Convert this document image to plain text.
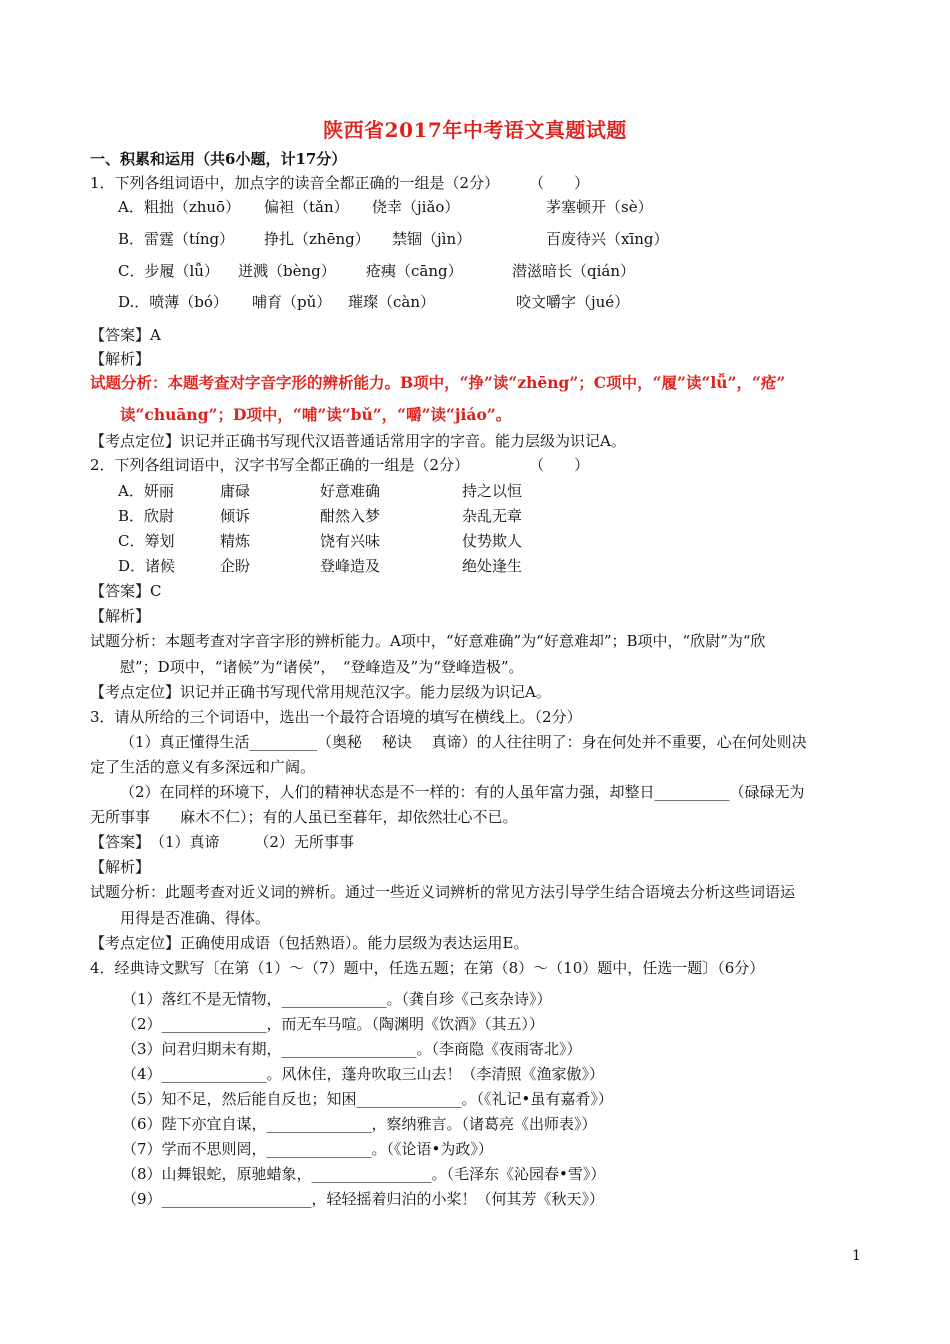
陕西省2017年中考语文真题试题
一、积累和运用（共6小题，计17分）
1．下列各组词语中，加点字的读音全都正确的一组是（2分）　　　（　　）
A．粗拙（zhuō） 偏袒（tǎn） 侥幸（jiǎo）	茅塞顿开（sè）
B．雷霆（tíng） 挣扎（zhēng） 禁锢（jìn）	百废待兴（xīng）
C．步履（lǚ） 迸溅（bèng） 疮痍（cāng）	潜滋暗长（qián）
D.．喷薄（bó） 哺育（pǔ） 璀璨（càn）	咬文嚼字（jué）
【答案】A
【解析】
试题分析：本题考查对字音字形的辨析能力。B项中，“挣”读“zhēng”；C项中，“履”读“lǚ”，“疮”
读“chuāng”；D项中，“哺”读“bǔ”，“嚼”读“jiáo”。
【考点定位】识记并正确书写现代汉语普通话常用字的字音。能力层级为识记A。
2．下列各组词语中，汉字书写全都正确的一组是（2分）　　　　　（　　）
A．妍丽	庸碌	好意难确	持之以恒
B．欣尉	倾诉	酣然入梦	杂乱无章
C．筹划	精炼	饶有兴味	仗势欺人
D．诸候	企盼	登峰造及	绝处逢生
【答案】C
【解析】
试题分析：本题考查对字音字形的辨析能力。A项中，“好意难确”为“好意难却”；B项中，“欣尉”为“欣
慰”；D项中，“诸候”为“诸侯”，　“登峰造及”为“登峰造极”。
【考点定位】识记并正确书写现代常用规范汉字。能力层级为识记A。
3．请从所给的三个词语中，选出一个最符合语境的填写在横线上。（2分）
（1）真正懂得生活_________（奥秘　 秘诀　 真谛）的人往往明了：身在何处并不重要，心在何处则决
定了生活的意义有多深远和广阔。
（2）在同样的环境下，人们的精神状态是不一样的：有的人虽年富力强，却整日__________（碌碌无为
无所事事　　麻木不仁）；有的人虽已至暮年，却依然壮心不已。
【答案】　（1）真谛　　 （2）无所事事
【解析】
试题分析：此题考查对近义词的辨析。通过一些近义词辨析的常见方法引导学生结合语境去分析这些词语运
用得是否准确、得体。
【考点定位】正确使用成语（包括熟语）。能力层级为表达运用E。
4．经典诗文默写〔在第（1）～（7）题中，任选五题；在第（8）～（10）题中，任选一题〕（6分）
（1）落红不是无情物，______________。（龚自珍《己亥杂诗》）
（2）______________，而无车马喧。（陶渊明《饮酒》（其五））
（3）问君归期未有期，__________________。（李商隐《夜雨寄北》）
（4）______________。风休住，蓬舟吹取三山去！（李清照《渔家傲》）
（5）知不足，然后能自反也；知困______________。（《礼记•虽有嘉肴》）
（6）陛下亦宜自谋，______________，察纳雅言。（诸葛亮《出师表》）
（7）学而不思则罔，______________。（《论语•为政》）
（8）山舞银蛇，原驰蜡象，________________。（毛泽东《沁园春•雪》）
（9）____________________，轻轻摇着归泊的小桨！（何其芳《秋天》）
1
